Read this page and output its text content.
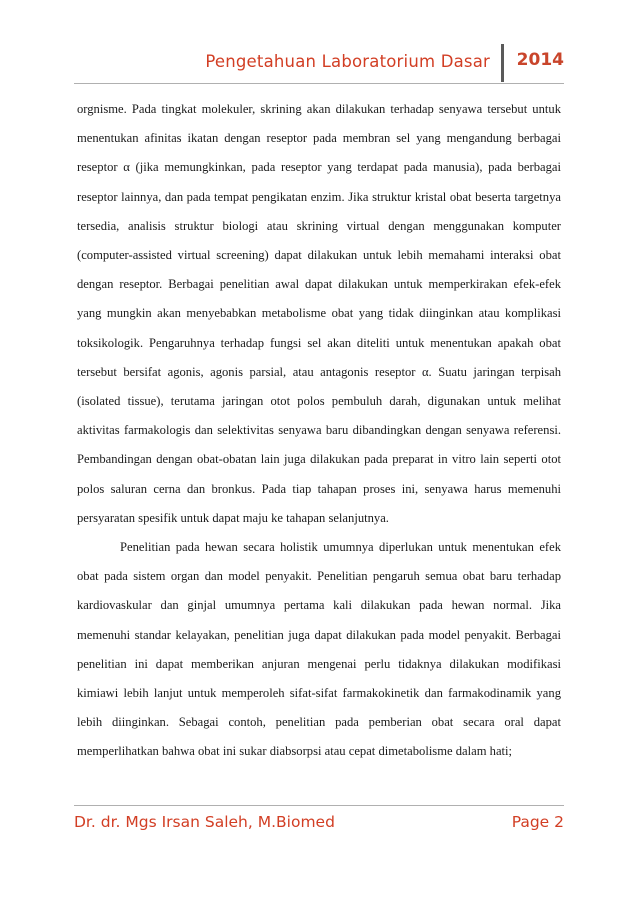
Pengetahuan Laboratorium Dasar 2014

orgnisme. Pada tingkat molekuler, skrining akan dilakukan terhadap senyawa tersebut untuk menentukan afinitas ikatan dengan reseptor pada membran sel yang mengandung berbagai reseptor α (jika memungkinkan, pada reseptor yang terdapat pada manusia), pada berbagai reseptor lainnya, dan pada tempat pengikatan enzim. Jika struktur kristal obat beserta targetnya tersedia, analisis struktur biologi atau skrining virtual dengan menggunakan komputer (computer-assisted virtual screening) dapat dilakukan untuk lebih memahami interaksi obat dengan reseptor. Berbagai penelitian awal dapat dilakukan untuk memperkirakan efek-efek yang mungkin akan menyebabkan metabolisme obat yang tidak diinginkan atau komplikasi toksikologik. Pengaruhnya terhadap fungsi sel akan diteliti untuk menentukan apakah obat tersebut bersifat agonis, agonis parsial, atau antagonis reseptor α. Suatu jaringan terpisah (isolated tissue), terutama jaringan otot polos pembuluh darah, digunakan untuk melihat aktivitas farmakologis dan selektivitas senyawa baru dibandingkan dengan senyawa referensi. Pembandingan dengan obat-obatan lain juga dilakukan pada preparat in vitro lain seperti otot polos saluran cerna dan bronkus. Pada tiap tahapan proses ini, senyawa harus memenuhi persyaratan spesifik untuk dapat maju ke tahapan selanjutnya.

Penelitian pada hewan secara holistik umumnya diperlukan untuk menentukan efek obat pada sistem organ dan model penyakit. Penelitian pengaruh semua obat baru terhadap kardiovaskular dan ginjal umumnya pertama kali dilakukan pada hewan normal. Jika memenuhi standar kelayakan, penelitian juga dapat dilakukan pada model penyakit. Berbagai penelitian ini dapat memberikan anjuran mengenai perlu tidaknya dilakukan modifikasi kimiawi lebih lanjut untuk memperoleh sifat-sifat farmakokinetik dan farmakodinamik yang lebih diinginkan. Sebagai contoh, penelitian pada pemberian obat secara oral dapat memperlihatkan bahwa obat ini sukar diabsorpsi atau cepat dimetabolisme dalam hati;

Dr. dr. Mgs Irsan Saleh, M.Biomed	Page 2
